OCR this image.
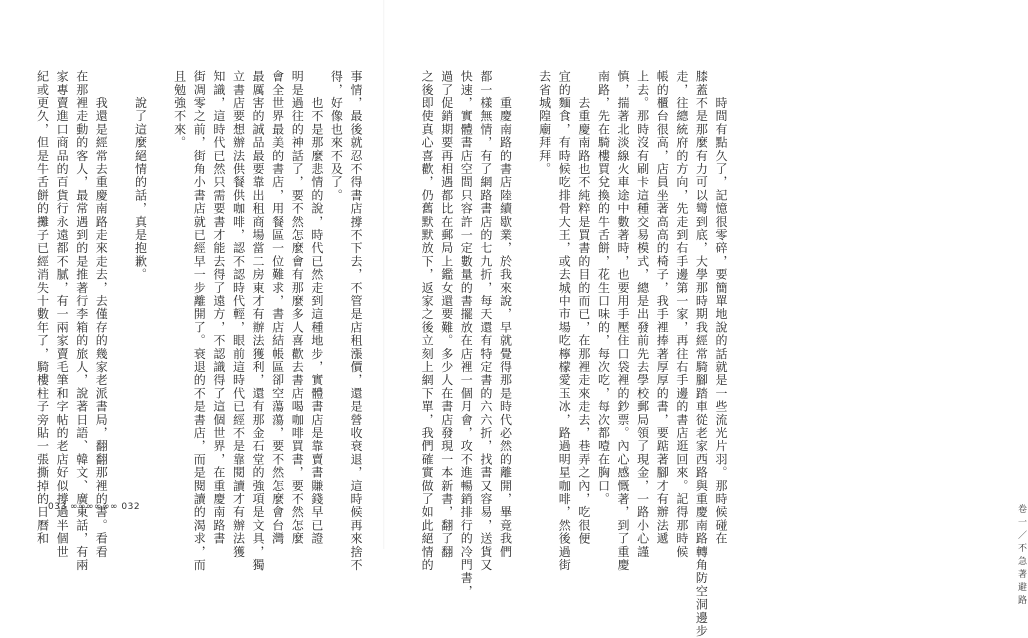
事情，最後就忍不得書店撐不下去，不管是店租漲價，還是營收衰退，這時候再來捨不
得，好像也來不及了。
　　也不是那麼悲情的說，時代已然走到這種地步，實體書店是靠賣書賺錢早已證
明是過往的神話了，要不然怎麼會有那麼多人喜歡去書店喝咖啡買書，要不然怎麼
會全世界最美的書店，用餐區一位難求，書店結帳區卻空蕩蕩，要不然怎麼會台灣
最厲害的誠品最要靠出租商場當二房東才有辦法獲利，還有那金石堂的強項是文具，獨
立書店要想辦法供餐供咖啡，認不認時代輕，眼前這時代已經不是靠閱讀才有辦法獲
知識，這時代已然只需要書才能去得了遠方，不認識得了這個世界，在重慶南路書
街凋零之前，街角小書店就已經早一步離開了。衰退的不是書店，而是閱讀的渴求，而
且勉強不來。
　　說了這麼絕情的話，真是抱歉。
　　我還是經常去重慶南路走來走去，去僅存的幾家老派書局，翻翻那裡的書。看看
在那裡走動的客人，最常遇到的是推著行李箱的旅人，說著日語、韓文、廣東話，有兩
家專賣進口商品的百貨行永遠都不膩，有一兩家賣毛筆和字帖的老店好似撐過半個世
紀或更久，但是牛舌餅的攤子已經消失十數年了，騎樓柱子旁貼一張撕掉的日曆和
033 ∞∞∞∞∞∞ 032	　　時間有點久了，記憶很零碎，要簡單地說的話就是一些流光片羽。那時候碰在
膝蓋不是那麼有力可以彎到底，大學那時期我經常騎腳踏車從老家西路與重慶南路轉角防空洞邊步
走，往總統府的方向，先走到右手邊第一家，再往右手邊的書店逛回來。記得那時候
帳的櫃台很高，店員坐著高高的椅子，我手裡捧著厚厚的書，要踮著腳才有辦法遞
上去。那時沒有刷卡這種交易模式，總是出發前先去學校郵局領了現金，一路小心謹
慎，揣著北淡線火車途中數著時，也要用手壓住口袋裡的鈔票。內心感慨著，到了重慶
南路，先在騎樓買兌換的牛舌餅，花生口味的，每次吃，每次都噎在胸口。
　　去重慶南路也不純粹是買書的目的而已，在那裡走來走去，巷弄之內，吃很便
宜的麵食，有時候吃排骨大王，或去城中市場吃檸檬愛玉冰，路過明星咖啡，然後過街
去省城隍廟拜拜。
　　重慶南路的書店陸續歇業，於我來說，早就覺得那是時代必然的離開，畢竟我們
都一樣無情，有了網路書店的七九折，每天還有特定書的六六折，找書又容易，送貨又
快速，實體書店空間只容許一定數量的書擺放在店裡一個月會，攻不進暢銷排行的冷門書，
過了促銷期要再相遇都比在郵局上鑑女還要難。多少人在書店發現一本新書，翻了翻
之後即使真心喜歡，仍舊默默放下，返家之後立刻上網下單，我們確實做了如此絕情的	卷一／不急著避路
